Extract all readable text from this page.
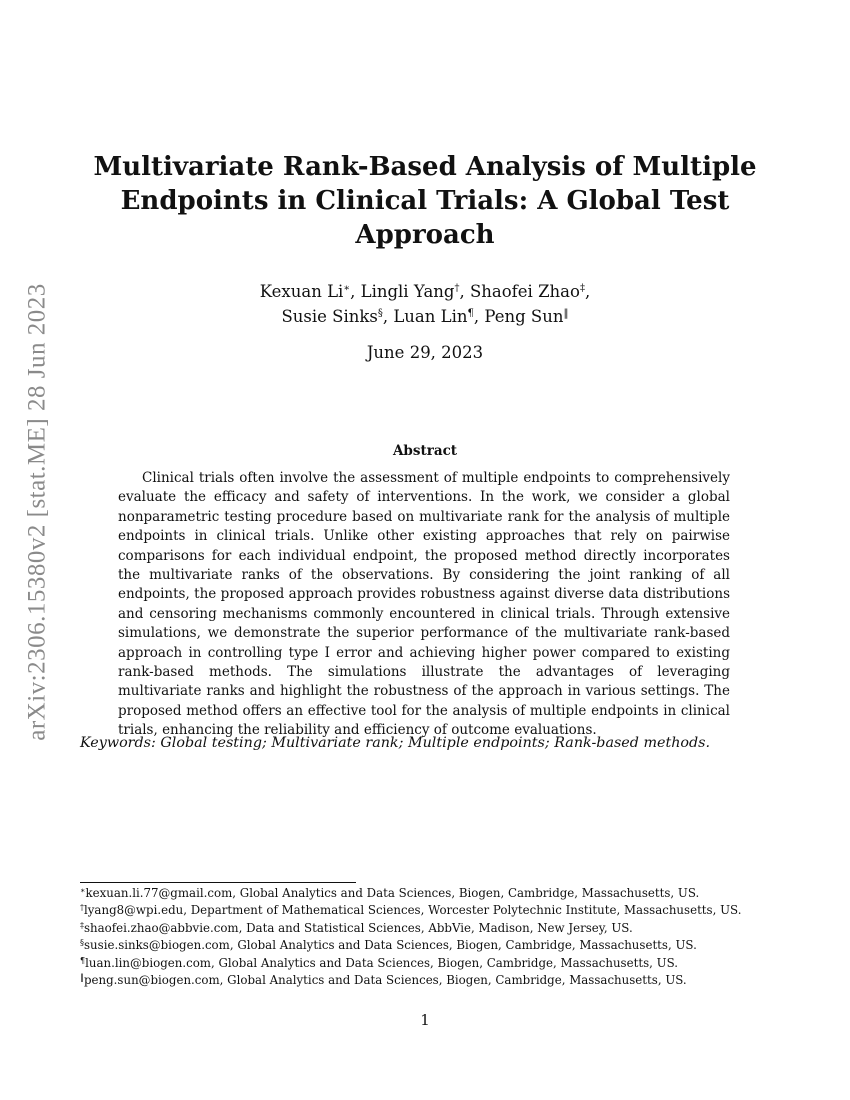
arXiv:2306.15380v2 [stat.ME] 28 Jun 2023
Multivariate Rank-Based Analysis of Multiple
Endpoints in Clinical Trials: A Global Test
Approach
Kexuan Li∗, Lingli Yang†, Shaofei Zhao‡,
Susie Sinks§, Luan Lin¶, Peng Sun‖
June 29, 2023
Abstract

Clinical trials often involve the assessment of multiple endpoints to comprehensively evaluate the efficacy and safety of interventions. In the work, we consider a global nonparametric testing procedure based on multivariate rank for the analysis of multiple endpoints in clinical trials. Unlike other existing approaches that rely on pairwise comparisons for each individual endpoint, the proposed method directly incorporates the multivariate ranks of the observations. By considering the joint ranking of all endpoints, the proposed approach provides robustness against diverse data distributions and censoring mechanisms commonly encountered in clinical trials. Through extensive simulations, we demonstrate the superior performance of the multivariate rank-based approach in controlling type I error and achieving higher power compared to existing rank-based methods. The simulations illustrate the advantages of leveraging multivariate ranks and highlight the robustness of the approach in various settings. The proposed method offers an effective tool for the analysis of multiple endpoints in clinical trials, enhancing the reliability and efficiency of outcome evaluations.

Keywords: Global testing; Multivariate rank; Multiple endpoints; Rank-based methods.
∗kexuan.li.77@gmail.com, Global Analytics and Data Sciences, Biogen, Cambridge, Massachusetts, US.
†lyang8@wpi.edu, Department of Mathematical Sciences, Worcester Polytechnic Institute, Massachusetts, US.
‡shaofei.zhao@abbvie.com, Data and Statistical Sciences, AbbVie, Madison, New Jersey, US.
§susie.sinks@biogen.com, Global Analytics and Data Sciences, Biogen, Cambridge, Massachusetts, US.
¶luan.lin@biogen.com, Global Analytics and Data Sciences, Biogen, Cambridge, Massachusetts, US.
‖peng.sun@biogen.com, Global Analytics and Data Sciences, Biogen, Cambridge, Massachusetts, US.
1
